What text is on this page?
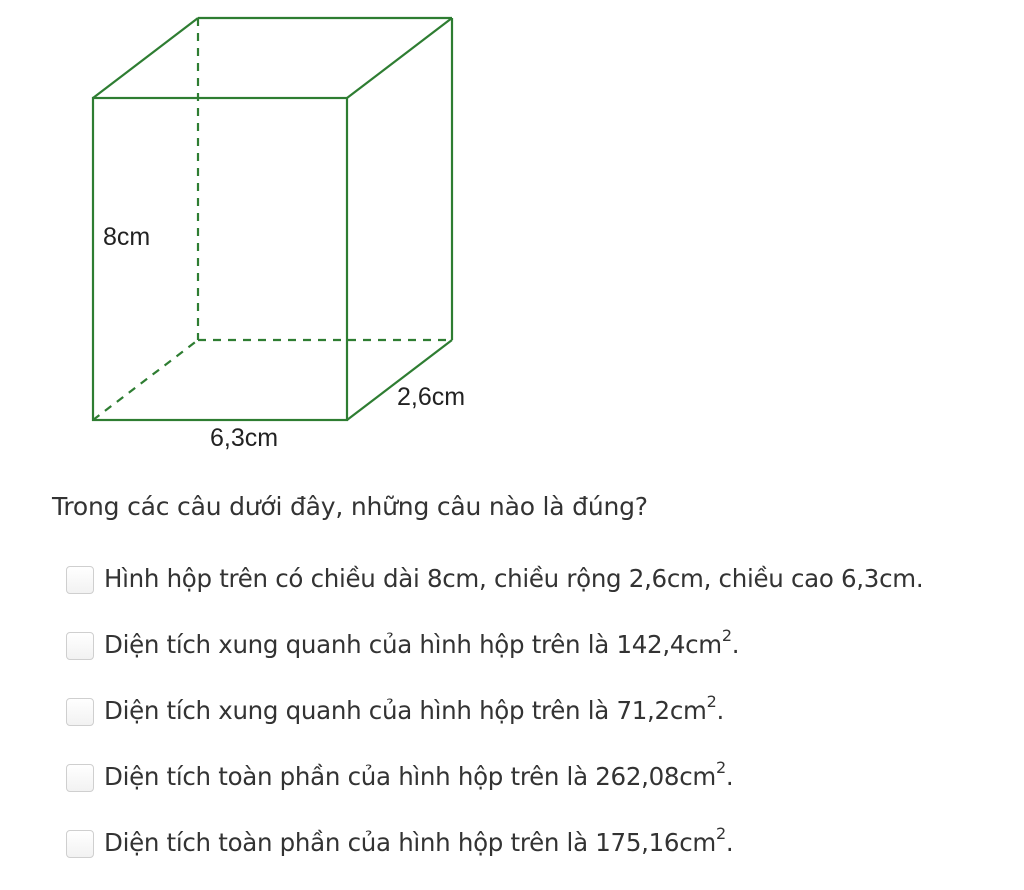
8cm
6,3cm
2,6cm
Trong các câu dưới đây, những câu nào là đúng?
Hình hộp trên có chiều dài 8cm, chiều rộng 2,6cm, chiều cao 6,3cm.
Diện tích xung quanh của hình hộp trên là $142,4cm^2$.
Diện tích xung quanh của hình hộp trên là $71,2cm^2$.
Diện tích toàn phần của hình hộp trên là $262,08cm^2$.
Diện tích toàn phần của hình hộp trên là $175,16cm^2$.
